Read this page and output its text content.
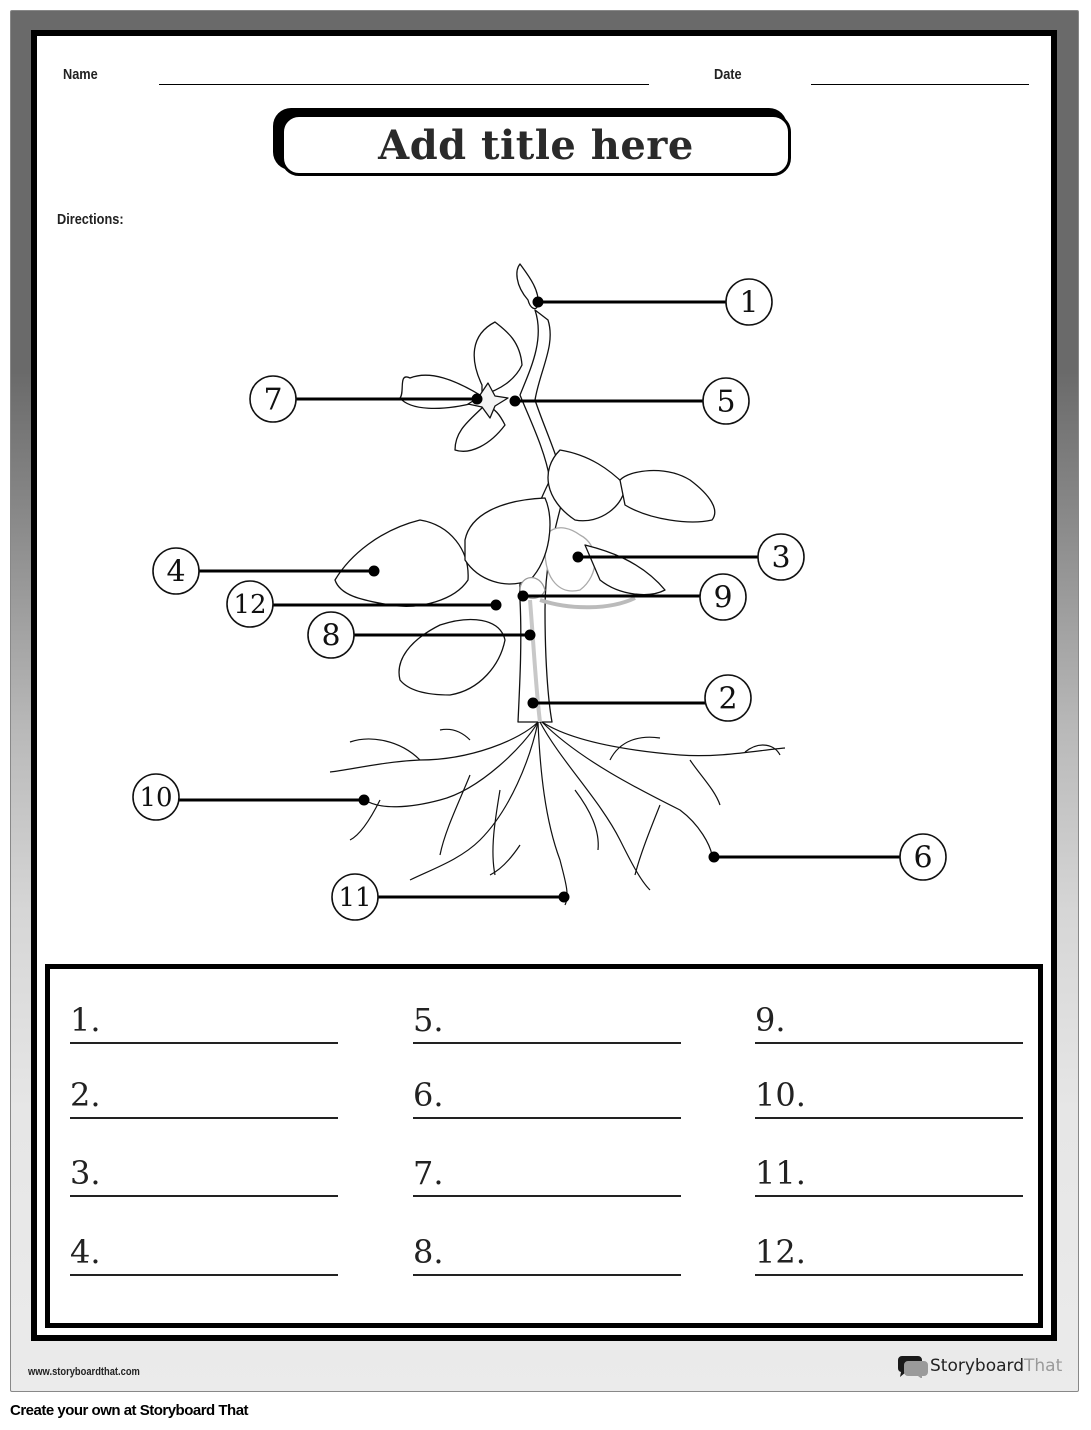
Name	Date
Add title here
Directions:
1
2
3
4
5
6
7
8
9
10
11
12
1.
2.
3.
4.
5.
6.
7.
8.
9.
10.
11.
12.
www.storyboardthat.com	Storyboard That
Create your own at Storyboard That
